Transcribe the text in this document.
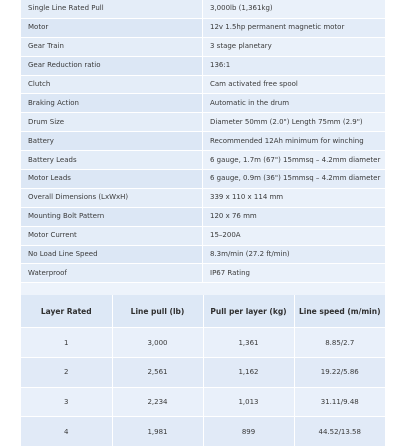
Single Line Rated Pull	3,000lb (1,361kg)
Motor	12v 1.5hp permanent magnetic motor
Gear Train	3 stage planetary
Gear Reduction ratio	136:1
Clutch	Cam activated free spool
Braking Action	Automatic in the drum
Drum Size	Diameter 50mm (2.0") Length 75mm (2.9")
Battery	Recommended 12Ah minimum for winching
Battery Leads	6 gauge, 1.7m (67") 15mmsq – 4.2mm diameter
Motor Leads	6 gauge, 0.9m (36") 15mmsq – 4.2mm diameter
Overall Dimensions (LxWxH)	339 x 110 x 114 mm
Mounting Bolt Pattern	120 x 76 mm
Motor Current	15–200A
No Load Line Speed	8.3m/min (27.2 ft/min)
Waterproof	IP67 Rating
Layer Rated	Line pull (lb)	Pull per layer (kg)	Line speed (m/min)
1	3,000	1,361	8.85/2.7
2	2,561	1,162	19.22/5.86
3	2,234	1,013	31.11/9.48
4	1,981	899	44.52/13.58
